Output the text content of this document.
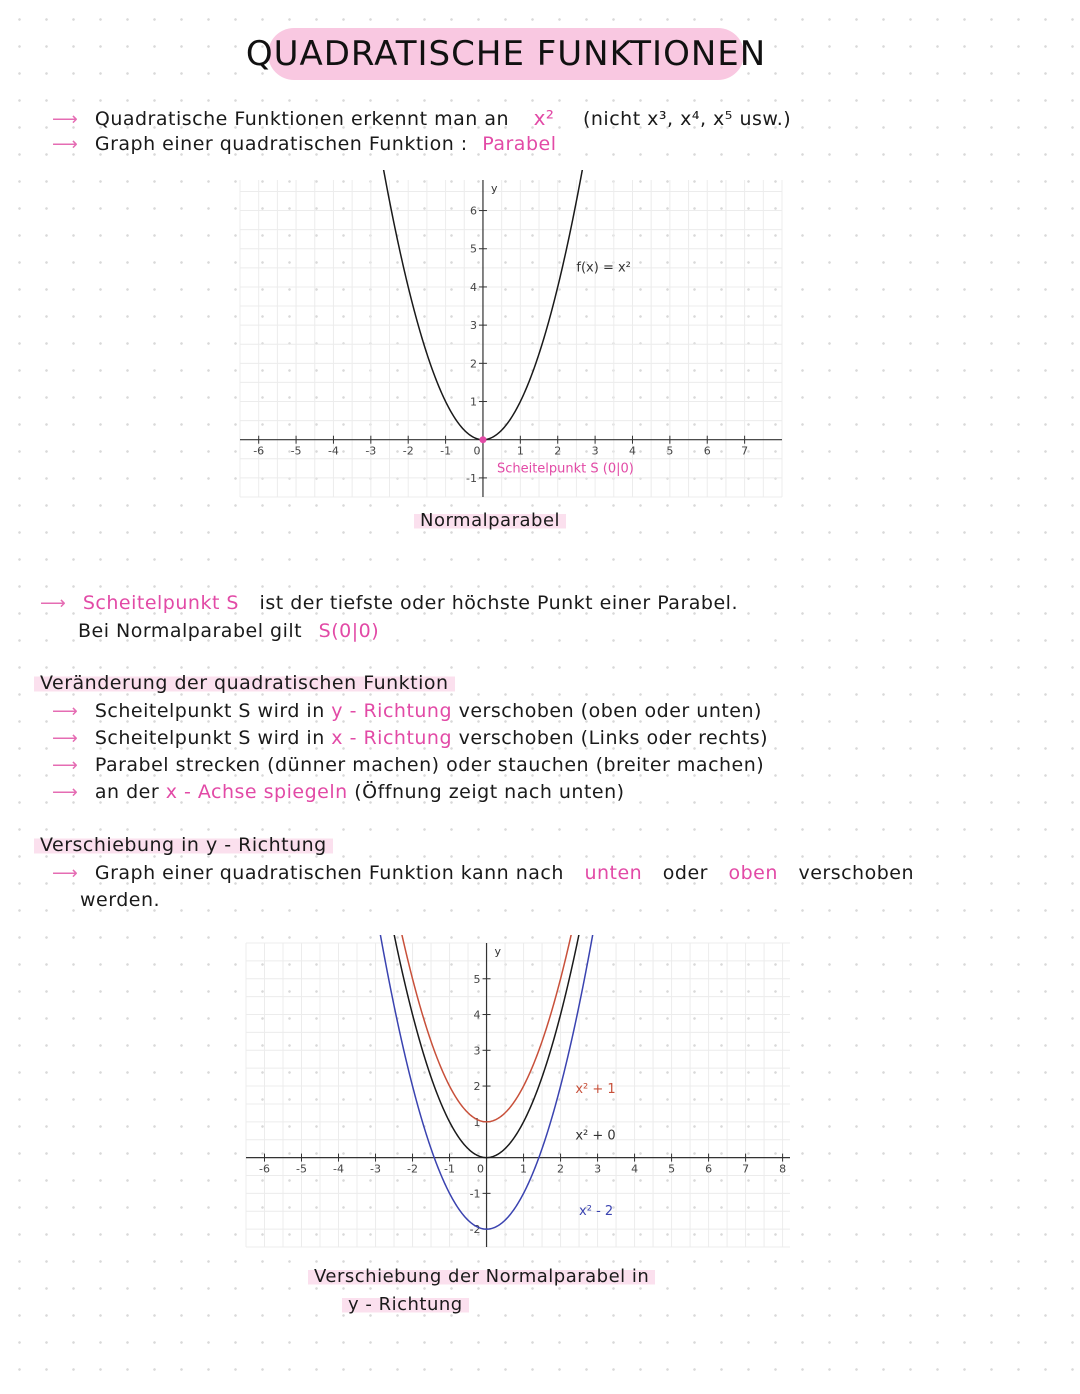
QUADRATISCHE FUNKTIONEN
⟶ Quadratische Funktionen erkennt man an x² (nicht x³, x⁴, x⁵ usw.)
⟶ Graph einer quadratischen Funktion : Parabel
y
-6 -5 -4 -3 -2 -1 0	1	2	3	4	5	6	7
-1
1
2
3
4
5
6
f(x) = x²
Scheitelpunkt S (0|0)
Normalparabel
⟶ Scheitelpunkt S ist der tiefste oder höchste Punkt einer Parabel.
Bei Normalparabel gilt S(0|0)
Veränderung der quadratischen Funktion
⟶ Scheitelpunkt S wird in y - Richtung verschoben (oben oder unten)
⟶ Scheitelpunkt S wird in x - Richtung verschoben (Links oder rechts)
⟶ Parabel strecken (dünner machen) oder stauchen (breiter machen)
⟶ an der x - Achse spiegeln (Öffnung zeigt nach unten)
Verschiebung in y - Richtung
⟶ Graph einer quadratischen Funktion kann nach unten oder oben verschoben
werden.
y
-6 -5 -4 -3 -2 -1 0	1	2	3	4	5	6	7	8
-2
-1
1
2
3
4
5
x² + 1
x² + 0
x² - 2
Verschiebung der Normalparabel in
y - Richtung
